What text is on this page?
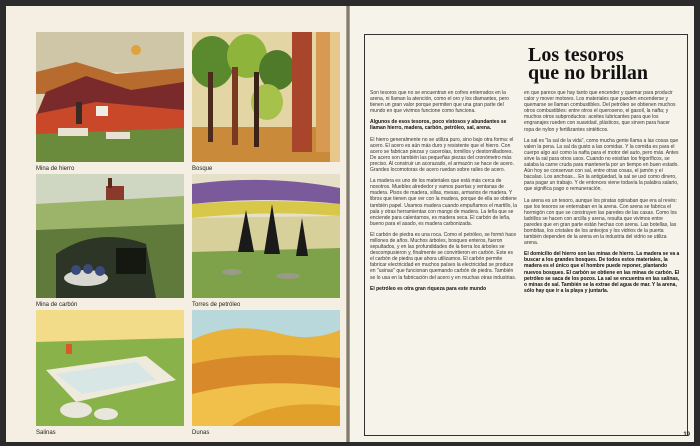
Mina de hierro	Bosque
Mina de carbón	Torres de petróleo
Salinas	Dunas
Los tesoros
que no brillan

Son tesoros que no se encuentran en cofres enterrados en la arena, ni llaman la atención, como el oro y los diamantes, pero tienen un gran valor porque permiten que una gran parte del mundo en que vivimos funcione como funciona.

Algunos de esos tesoros, poco vistosos y abundantes se llaman hierro, madera, carbón, petróleo, sal, arena.

El hierro generalmente no se utiliza puro, sino bajo otra forma: el acero. El acero es aún más duro y resistente que el hierro. Con acero se fabrican piezas y cacerolas, tornillos y destornilladores. De acero son también las pequeñas piezas del cronómetro más preciso. Al construir un acorazado, el armazón se hace de acero. Grandes locomotoras de acero ruedan sobre railes de acero.

La madera es uno de los materiales que está más cerca de nosotros. Muebles alrededor y vamos puertas y ventanas de madera. Pisos de madera, sillas, mesas, armarios de madera. Y libros que tienen que ver con la madera, porque de ella se obtiene también papel. Usamos madera cuando empuñamos el martillo, la pala y otras herramientas con mango de madera. La leña que se enciende para calentarnos, es madera seca. El carbón de leña, bueno para el asado, es madera carbonizada.

El carbón de piedra es una roca. Como el petróleo, se formó hace millones de años. Muchos árboles, bosques enteros, fueron sepultados, y en las profundidades de la tierra los árboles se descompusieron y, finalmente se convirtieron en carbón. Este es el carbón de piedra que ahora utilizamos. El carbón permite fabricar electricidad en muchos países la electricidad se produce en "usinas" que funcionan quemando carbón de piedra. También se lo usa en la fabricación del acero y en muchas otras industrias.

El petróleo es otra gran riqueza para este mundo

en que parece que hay tanto que encender y quemar para producir calor y mover motores. Los materiales que pueden encenderse y quemarse se llaman combustibles. Del petróleo se obtienen muchos otros combustibles: entre otros el queroseno, el gasoil, la nafta; y muchos otros subproductos: aceites lubricantes para que los engranajes rueden con suavidad, plásticos, que sirven para hacer ropa de nylon y fertilizantes sintéticos.

La sal es "la sal de la vida", como mucha gente llama a las cosas que valen la pena. La sal da gusto a las comidas. Y la comida es para el cuerpo algo así como la nafta para el motor del auto, pero más. Antes sirve la sal para otros usos. Cuando no existían los frigoríficos, se salaba la carne cruda para mantenerla por un tiempo en buen estado. Aún hoy se conservan con sal, entre otras cosas, el jamón y el bacalao. Los anchoas... En la antigüedad, la sal se usó como dinero, para pagar un trabajo. Y de entonces viene todavía la palabra salario, que significa pago o remuneración.

La arena es un tesoro, aunque los piratas opinaban que era al revés: que los tesoros se enterraban en la arena. Con arena se fabrica el hormigón con que se construyen las paredes de las casas. Como los ladrillos se hacen con arcilla y arena, resulta que vivimos entre paredes que en gran parte están hechas con arena. Las botellas, las bombitas, los cristales de los anteojos y los vidrios de la puerta también dependen de la arena en la industria del vidrio se utiliza arena.

El domicilio del hierro son las minas de hierro. La madera se va a buscar a los grandes bosques. De todos estos materiales, la madera es el único que el hombre puede reponer, plantando nuevos bosques. El carbón se obtiene en las minas de carbón. El petróleo se saca de los pozos. La sal se encuentra en las salinas, o minas de sal. También se la extrae del agua de mar. Y la arena, sólo hay que ir a la playa y juntarla.

19
